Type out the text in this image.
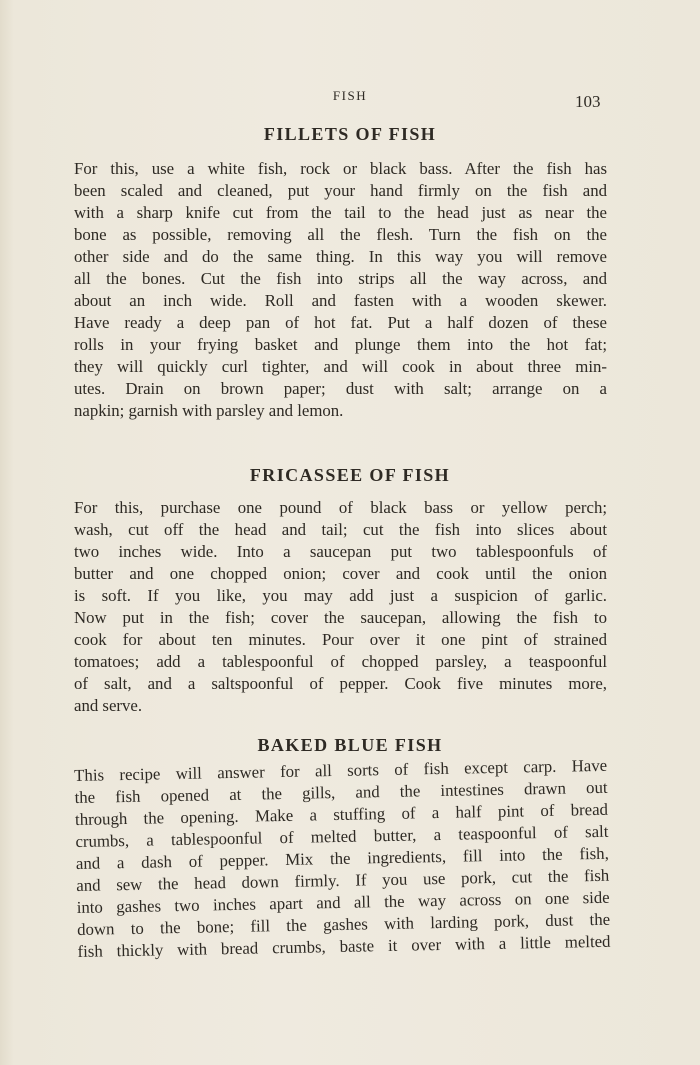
FISH	103
FILLETS OF FISH

For this, use a white fish, rock or black bass. After the fish has
been scaled and cleaned, put your hand firmly on the fish and
with a sharp knife cut from the tail to the head just as near the
bone as possible, removing all the flesh. Turn the fish on the
other side and do the same thing. In this way you will remove
all the bones. Cut the fish into strips all the way across, and
about an inch wide. Roll and fasten with a wooden skewer.
Have ready a deep pan of hot fat. Put a half dozen of these
rolls in your frying basket and plunge them into the hot fat;
they will quickly curl tighter, and will cook in about three min-
utes. Drain on brown paper; dust with salt; arrange on a
napkin; garnish with parsley and lemon.

FRICASSEE OF FISH

For this, purchase one pound of black bass or yellow perch;
wash, cut off the head and tail; cut the fish into slices about
two inches wide. Into a saucepan put two tablespoonfuls of
butter and one chopped onion; cover and cook until the onion
is soft. If you like, you may add just a suspicion of garlic.
Now put in the fish; cover the saucepan, allowing the fish to
cook for about ten minutes. Pour over it one pint of strained
tomatoes; add a tablespoonful of chopped parsley, a teaspoonful
of salt, and a saltspoonful of pepper. Cook five minutes more,
and serve.

BAKED BLUE FISH

This recipe will answer for all sorts of fish except carp. Have
the fish opened at the gills, and the intestines drawn out
through the opening. Make a stuffing of a half pint of bread
crumbs, a tablespoonful of melted butter, a teaspoonful of salt
and a dash of pepper. Mix the ingredients, fill into the fish,
and sew the head down firmly. If you use pork, cut the fish
into gashes two inches apart and all the way across on one side
down to the bone; fill the gashes with larding pork, dust the
fish thickly with bread crumbs, baste it over with a little melted
